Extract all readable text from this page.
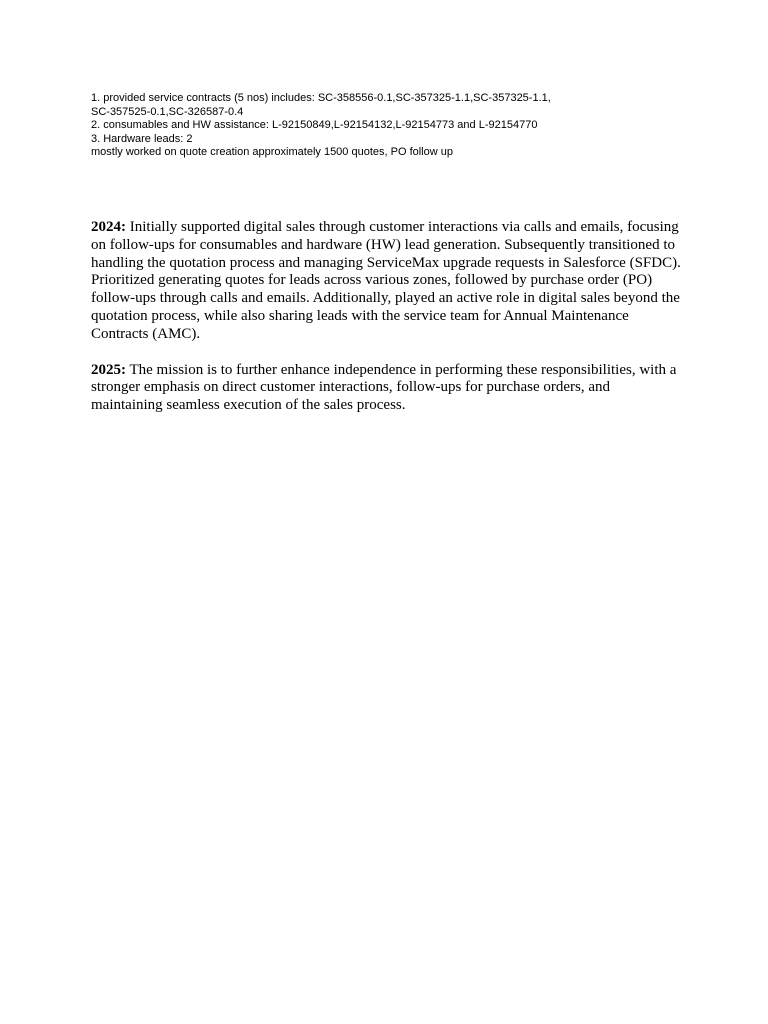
1. provided service contracts (5 nos) includes: SC-358556-0.1,SC-357325-1.1,SC-357325-1.1,
SC-357525-0.1,SC-326587-0.4
2. consumables and HW assistance: L-92150849,L-92154132,L-92154773 and L-92154770
3. Hardware leads: 2
mostly worked on quote creation approximately 1500 quotes, PO follow up

2024: Initially supported digital sales through customer interactions via calls and emails, focusing on follow-ups for consumables and hardware (HW) lead generation. Subsequently transitioned to handling the quotation process and managing ServiceMax upgrade requests in Salesforce (SFDC). Prioritized generating quotes for leads across various zones, followed by purchase order (PO) follow-ups through calls and emails. Additionally, played an active role in digital sales beyond the quotation process, while also sharing leads with the service team for Annual Maintenance Contracts (AMC).

2025: The mission is to further enhance independence in performing these responsibilities, with a stronger emphasis on direct customer interactions, follow-ups for purchase orders, and maintaining seamless execution of the sales process.
